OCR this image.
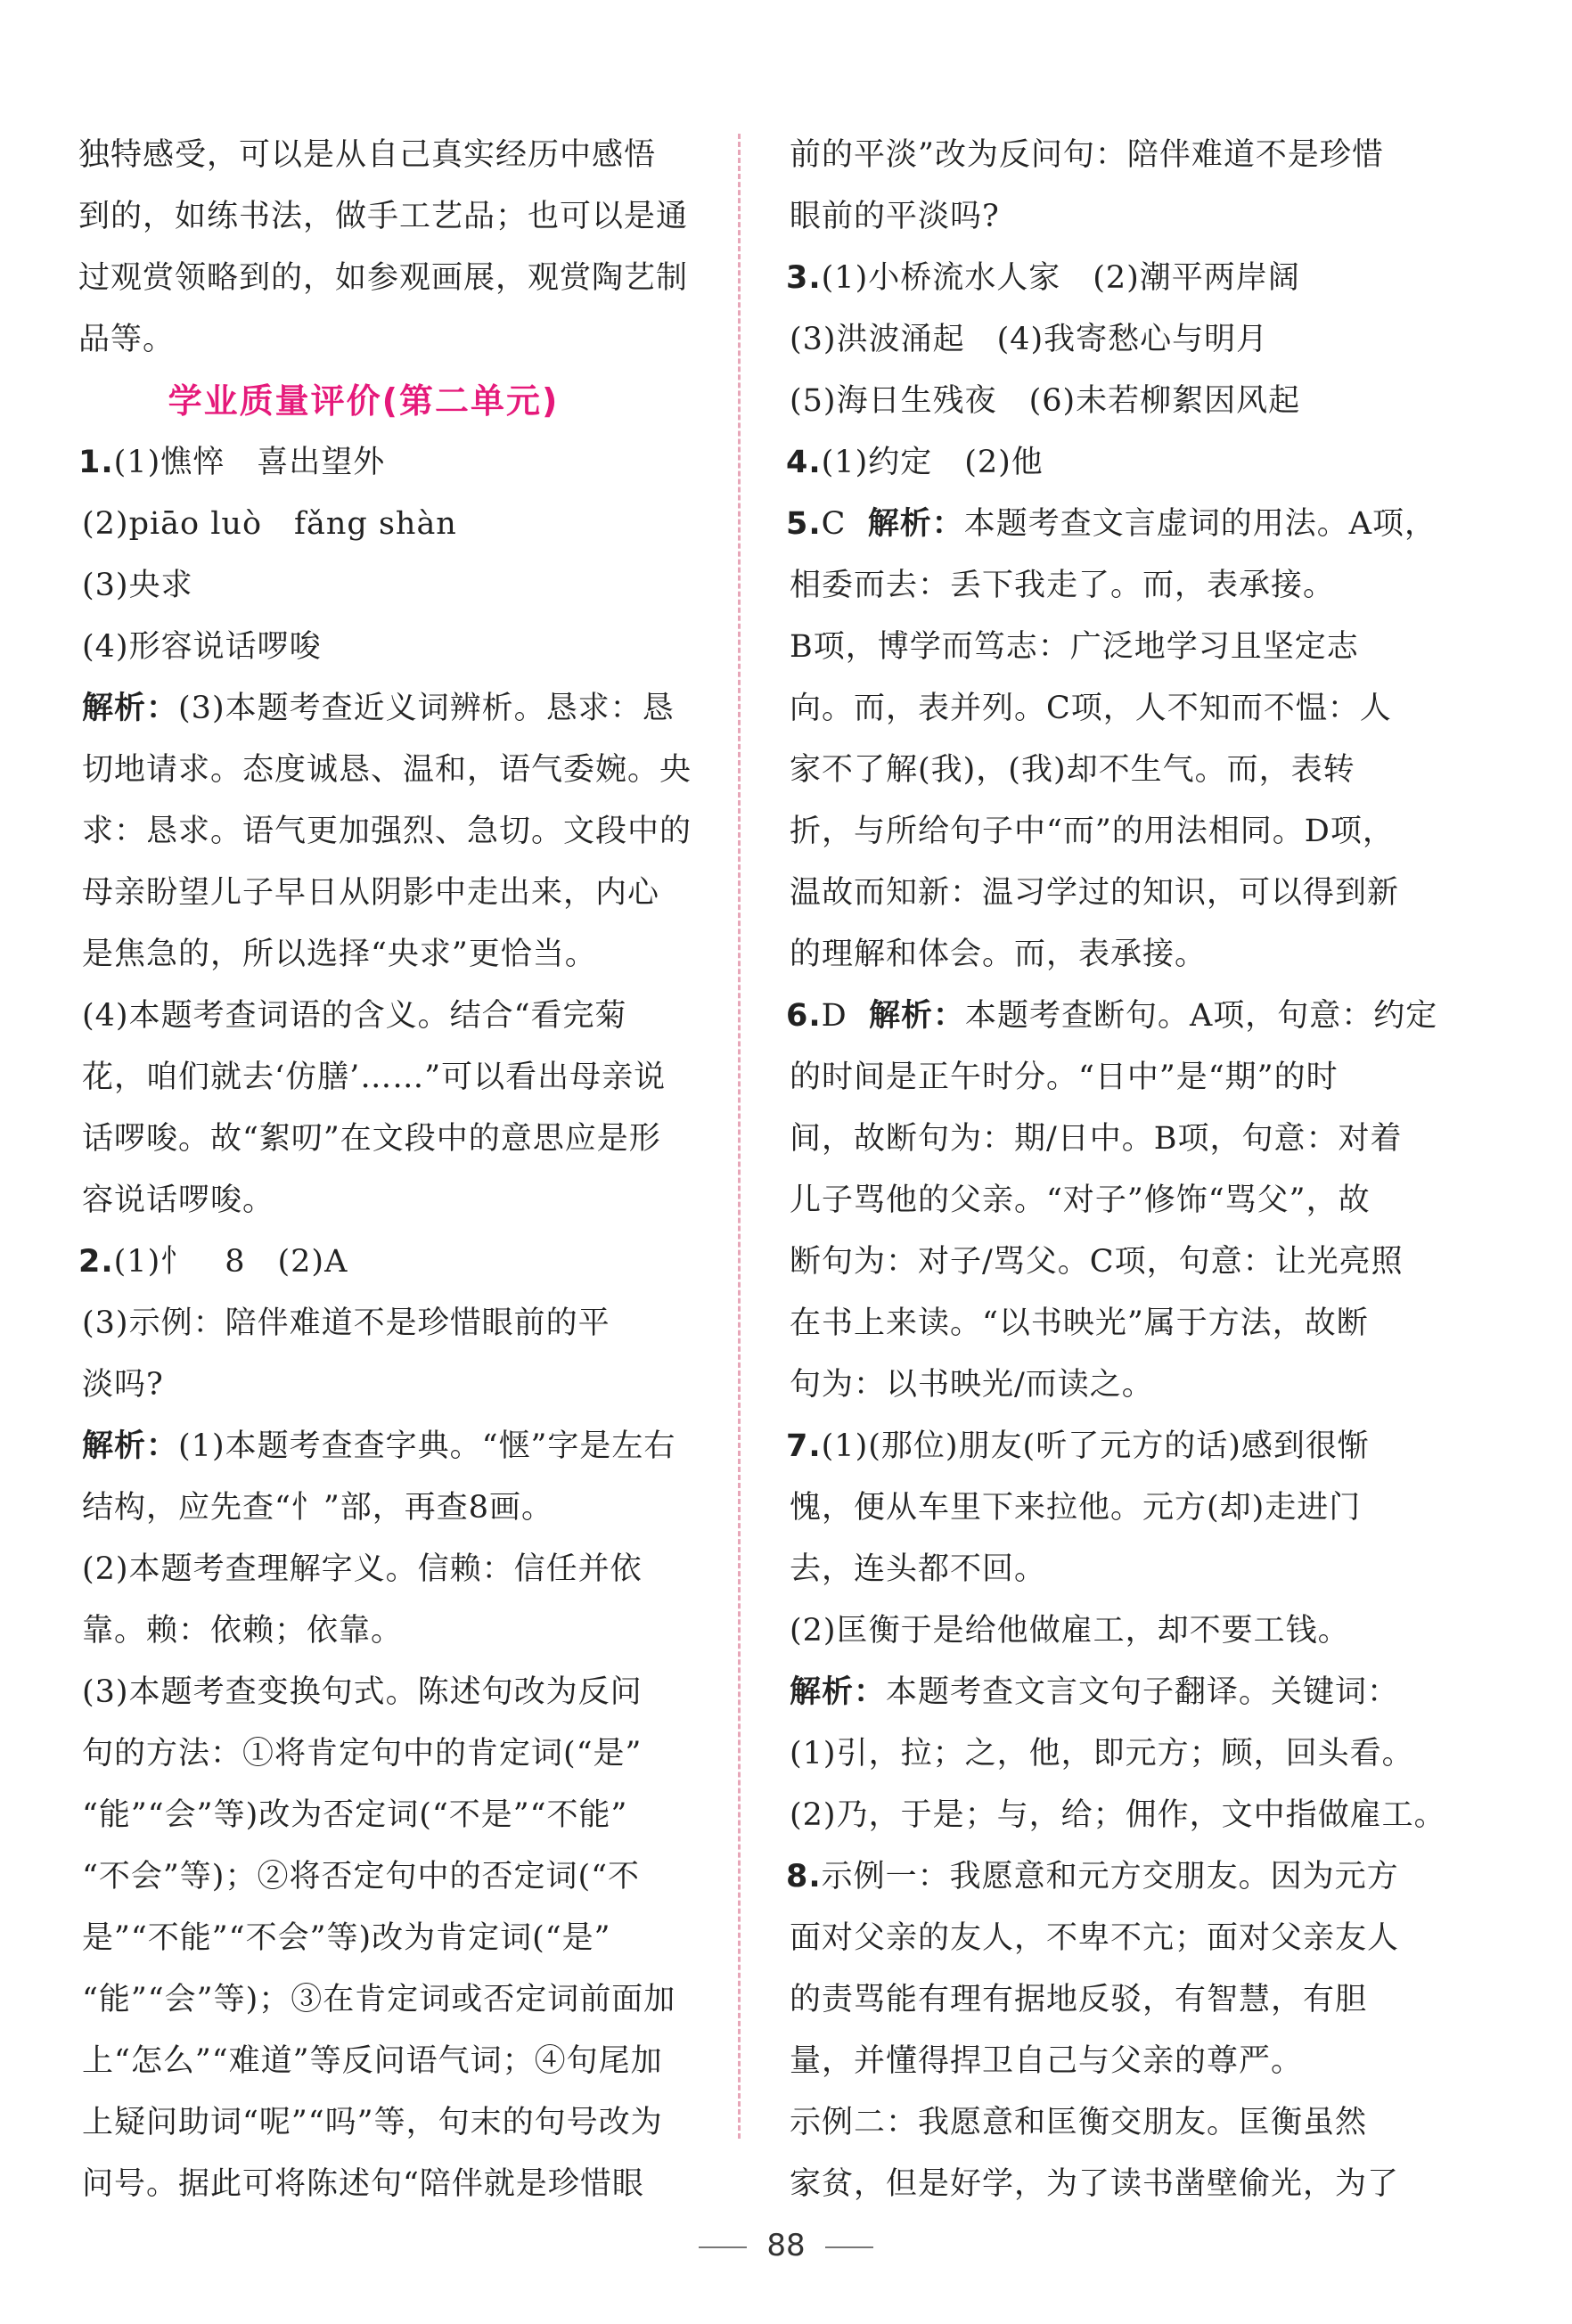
独特感受，可以是从自己真实经历中感悟
到的，如练书法，做手工艺品；也可以是通
过观赏领略到的，如参观画展，观赏陶艺制
品等。
学业质量评价(第二单元)
1.(1)憔悴　喜出望外
(2)piāo luò　fǎng shàn
(3)央求
(4)形容说话啰唆
解析：(3)本题考查近义词辨析。恳求：恳
切地请求。态度诚恳、温和，语气委婉。央
求：恳求。语气更加强烈、急切。文段中的
母亲盼望儿子早日从阴影中走出来，内心
是焦急的，所以选择“央求”更恰当。
(4)本题考查词语的含义。结合“看完菊
花，咱们就去‘仿膳’……”可以看出母亲说
话啰唆。故“絮叨”在文段中的意思应是形
容说话啰唆。
2.(1)忄　8　(2)A
(3)示例：陪伴难道不是珍惜眼前的平
淡吗?
解析：(1)本题考查查字典。“惬”字是左右
结构，应先查“忄”部，再查8画。
(2)本题考查理解字义。信赖：信任并依
靠。赖：依赖；依靠。
(3)本题考查变换句式。陈述句改为反问
句的方法：①将肯定句中的肯定词(“是”
“能”“会”等)改为否定词(“不是”“不能”
“不会”等)；②将否定句中的否定词(“不
是”“不能”“不会”等)改为肯定词(“是”
“能”“会”等)；③在肯定词或否定词前面加
上“怎么”“难道”等反问语气词；④句尾加
上疑问助词“呢”“吗”等，句末的句号改为
问号。据此可将陈述句“陪伴就是珍惜眼
前的平淡”改为反问句：陪伴难道不是珍惜
眼前的平淡吗?
3.(1)小桥流水人家　(2)潮平两岸阔
(3)洪波涌起　(4)我寄愁心与明月
(5)海日生残夜　(6)未若柳絮因风起
4.(1)约定　(2)他
5.C 解析：本题考查文言虚词的用法。A项，
相委而去：丢下我走了。而，表承接。
B项，博学而笃志：广泛地学习且坚定志
向。而，表并列。C项，人不知而不愠：人
家不了解(我)，(我)却不生气。而，表转
折，与所给句子中“而”的用法相同。D项，
温故而知新：温习学过的知识，可以得到新
的理解和体会。而，表承接。
6.D 解析：本题考查断句。A项，句意：约定
的时间是正午时分。“日中”是“期”的时
间，故断句为：期/日中。B项，句意：对着
儿子骂他的父亲。“对子”修饰“骂父”，故
断句为：对子/骂父。C项，句意：让光亮照
在书上来读。“以书映光”属于方法，故断
句为：以书映光/而读之。
7.(1)(那位)朋友(听了元方的话)感到很惭
愧，便从车里下来拉他。元方(却)走进门
去，连头都不回。
(2)匡衡于是给他做雇工，却不要工钱。
解析：本题考查文言文句子翻译。关键词：
(1)引，拉；之，他，即元方；顾，回头看。
(2)乃，于是；与，给；佣作，文中指做雇工。
8.示例一：我愿意和元方交朋友。因为元方
面对父亲的友人，不卑不亢；面对父亲友人
的责骂能有理有据地反驳，有智慧，有胆
量，并懂得捍卫自己与父亲的尊严。
示例二：我愿意和匡衡交朋友。匡衡虽然
家贫，但是好学，为了读书凿壁偷光，为了
88
